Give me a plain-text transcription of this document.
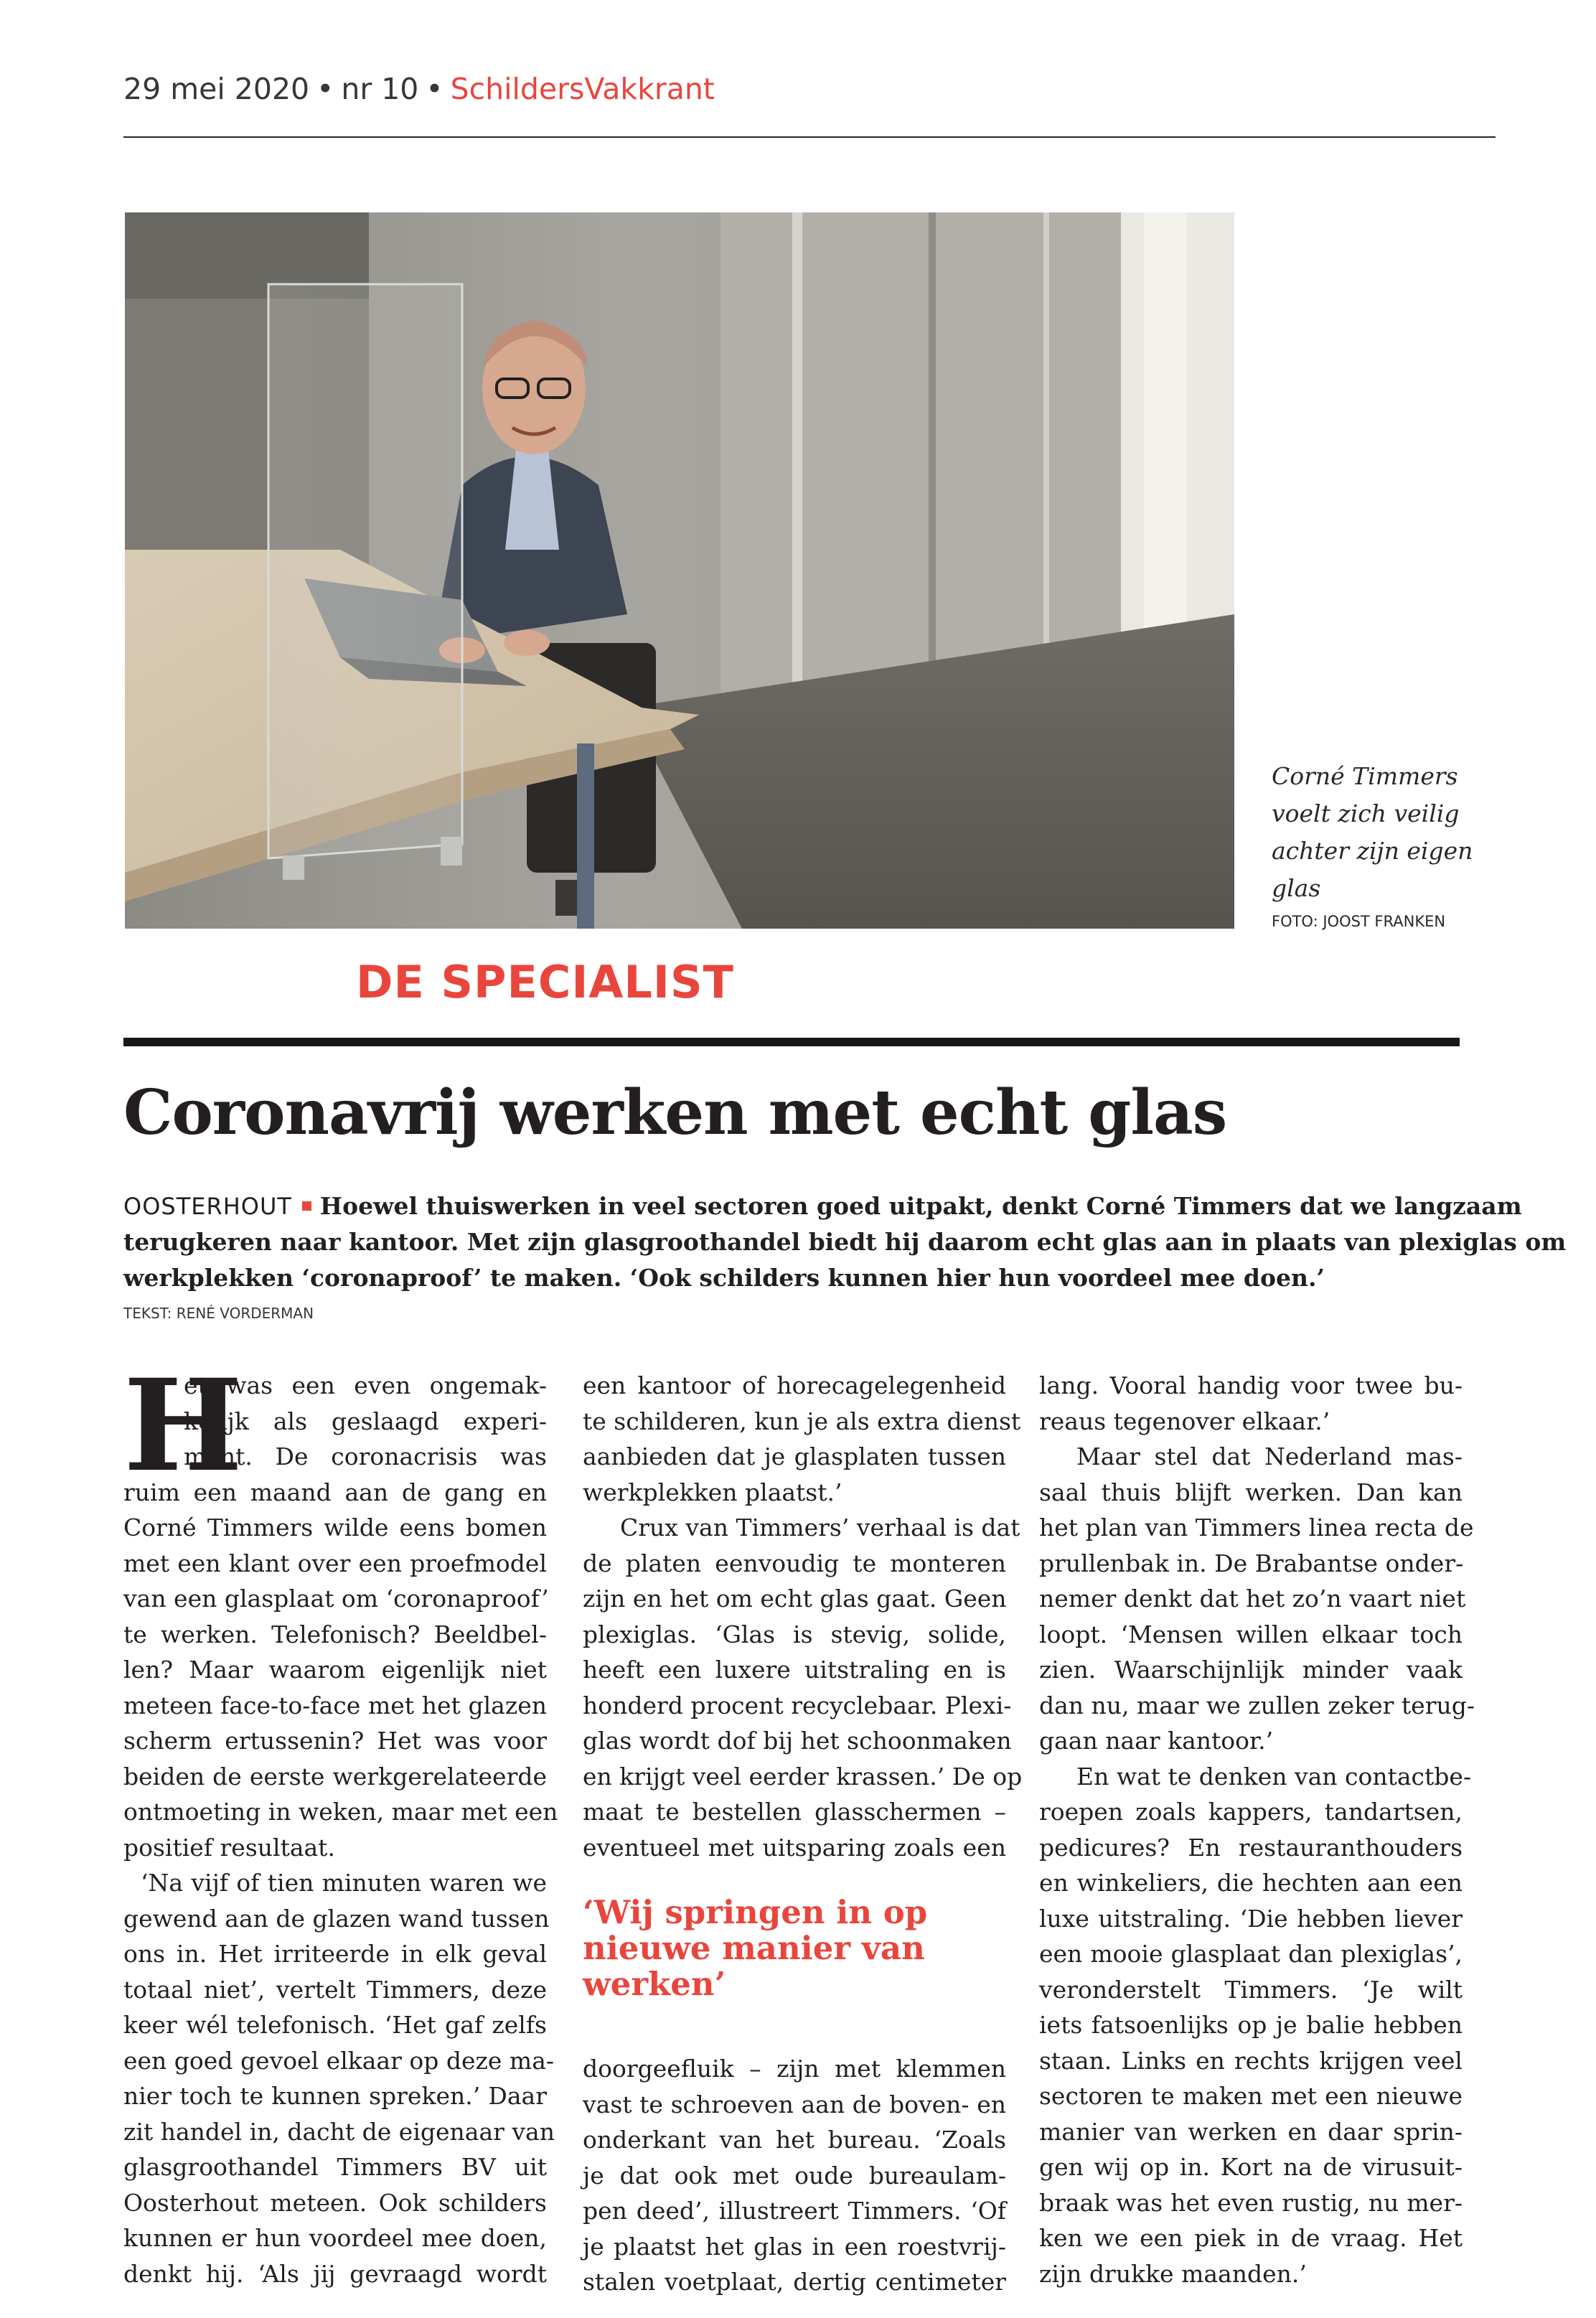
29 mei 2020 • nr 10 • SchildersVakkrant
Corné Timmers
voelt zich veilig
achter zijn eigen
glas
FOTO: JOOST FRANKEN
DE SPECIALIST
Coronavrij werken met echt glas
OOSTERHOUT Hoewel thuiswerken in veel sectoren goed uitpakt, denkt Corné Timmers dat we langzaam
terugkeren naar kantoor. Met zijn glasgroothandel biedt hij daarom echt glas aan in plaats van plexiglas om
werkplekken ‘coronaproof’ te maken. ‘Ook schilders kunnen hier hun voordeel mee doen.’
TEKST: RENÉ VORDERMAN
H
et was een even ongemak-
kelijk als geslaagd experi-
ment. De coronacrisis was
ruim een maand aan de gang en
Corné Timmers wilde eens bomen
met een klant over een proefmodel
van een glasplaat om ‘coronaproof’
te werken. Telefonisch? Beeldbel-
len? Maar waarom eigenlijk niet
meteen face-to-face met het glazen
scherm ertussenin? Het was voor
beiden de eerste werkgerelateerde
ontmoeting in weken, maar met een
positief resultaat.
‘Na vijf of tien minuten waren we
gewend aan de glazen wand tussen
ons in. Het irriteerde in elk geval
totaal niet’, vertelt Timmers, deze
keer wél telefonisch. ‘Het gaf zelfs
een goed gevoel elkaar op deze ma-
nier toch te kunnen spreken.’ Daar
zit handel in, dacht de eigenaar van
glasgroothandel Timmers BV uit
Oosterhout meteen. Ook schilders
kunnen er hun voordeel mee doen,
denkt hij. ‘Als jij gevraagd wordt
een kantoor of horecagelegenheid
te schilderen, kun je als extra dienst
aanbieden dat je glasplaten tussen
werkplekken plaatst.’
Crux van Timmers’ verhaal is dat
de platen eenvoudig te monteren
zijn en het om echt glas gaat. Geen
plexiglas. ‘Glas is stevig, solide,
heeft een luxere uitstraling en is
honderd procent recyclebaar. Plexi-
glas wordt dof bij het schoonmaken
en krijgt veel eerder krassen.’ De op
maat te bestellen glasschermen –
eventueel met uitsparing zoals een
‘Wij springen in op
nieuwe manier van
werken’
doorgeefluik – zijn met klemmen
vast te schroeven aan de boven- en
onderkant van het bureau. ‘Zoals
je dat ook met oude bureaulam-
pen deed’, illustreert Timmers. ‘Of
je plaatst het glas in een roestvrij-
stalen voetplaat, dertig centimeter
lang. Vooral handig voor twee bu-
reaus tegenover elkaar.’
Maar stel dat Nederland mas-
saal thuis blijft werken. Dan kan
het plan van Timmers linea recta de
prullenbak in. De Brabantse onder-
nemer denkt dat het zo’n vaart niet
loopt. ‘Mensen willen elkaar toch
zien. Waarschijnlijk minder vaak
dan nu, maar we zullen zeker terug-
gaan naar kantoor.’
En wat te denken van contactbe-
roepen zoals kappers, tandartsen,
pedicures? En restauranthouders
en winkeliers, die hechten aan een
luxe uitstraling. ‘Die hebben liever
een mooie glasplaat dan plexiglas’,
veronderstelt Timmers. ‘Je wilt
iets fatsoenlijks op je balie hebben
staan. Links en rechts krijgen veel
sectoren te maken met een nieuwe
manier van werken en daar sprin-
gen wij op in. Kort na de virusuit-
braak was het even rustig, nu mer-
ken we een piek in de vraag. Het
zijn drukke maanden.’
